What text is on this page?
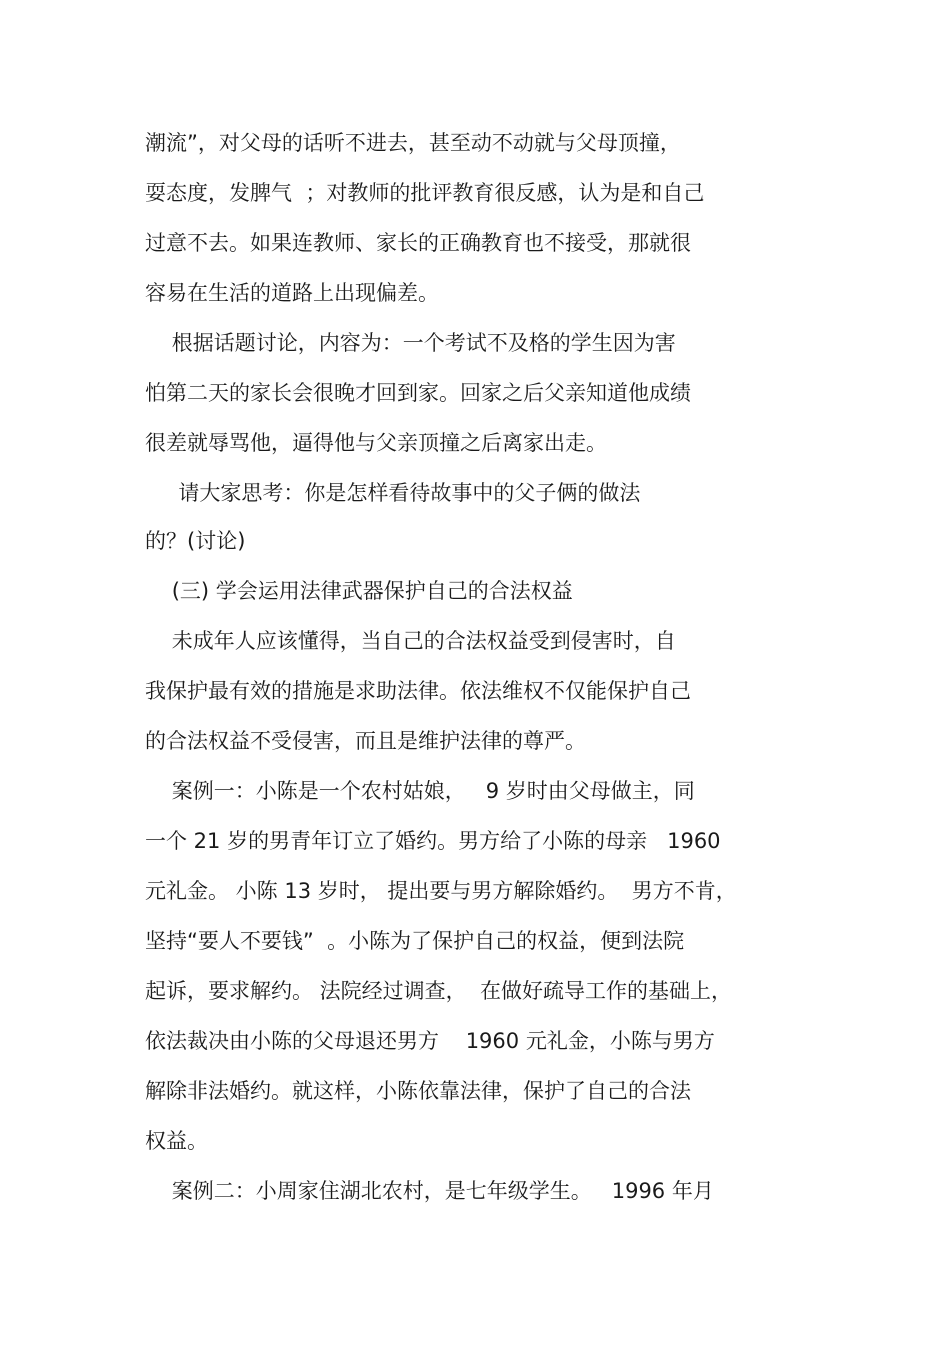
潮流”，对父母的话听不进去，甚至动不动就与父母顶撞，

耍态度，发脾气  ；对教师的批评教育很反感，认为是和自己

过意不去。如果连教师、家长的正确教育也不接受，那就很

容易在生活的道路上出现偏差。

根据话题讨论，内容为：一个考试不及格的学生因为害

怕第二天的家长会很晚才回到家。回家之后父亲知道他成绩

很差就辱骂他，逼得他与父亲顶撞之后离家出走。

请大家思考：你是怎样看待故事中的父子俩的做法

的？(讨论)

(三) 学会运用法律武器保护自己的合法权益

未成年人应该懂得，当自己的合法权益受到侵害时，自

我保护最有效的措施是求助法律。依法维权不仅能保护自己

的合法权益不受侵害，而且是维护法律的尊严。

案例一：小陈是一个农村姑娘，   9 岁时由父母做主，同

一个 21 岁的男青年订立了婚约。男方给了小陈的母亲   1960

元礼金。 小陈 13 岁时， 提出要与男方解除婚约。  男方不肯，

坚持“要人不要钱”  。小陈为了保护自己的权益，便到法院

起诉，要求解约。 法院经过调查，  在做好疏导工作的基础上，

依法裁决由小陈的父母退还男方    1960 元礼金，小陈与男方

解除非法婚约。就这样，小陈依靠法律，保护了自己的合法

权益。

案例二：小周家住湖北农村，是七年级学生。   1996 年月
